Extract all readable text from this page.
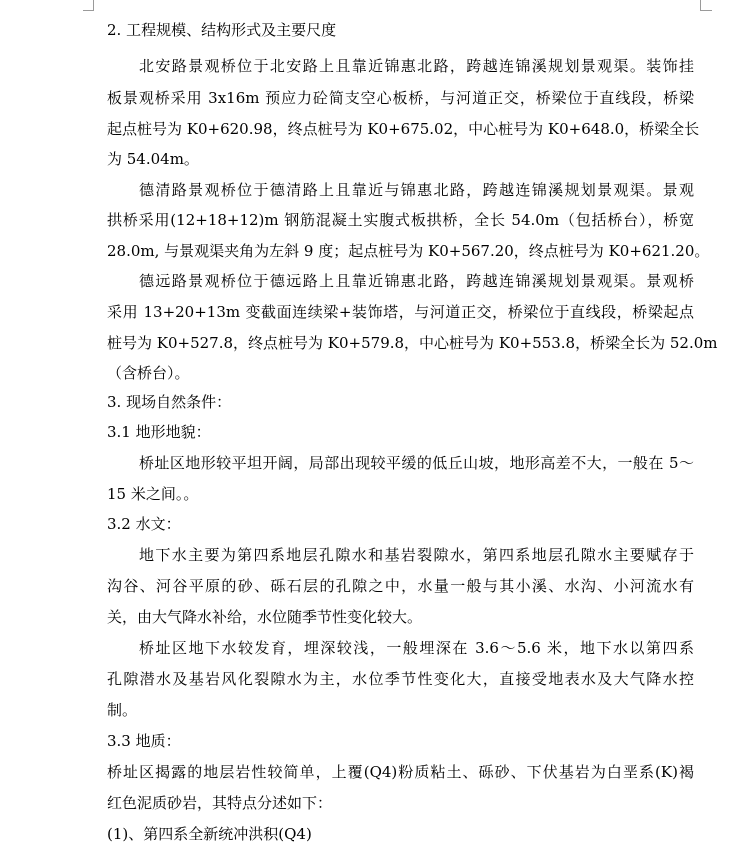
2. 工程规模、结构形式及主要尺度
北安路景观桥位于北安路上且靠近锦惠北路，跨越连锦溪规划景观渠。装饰挂
板景观桥采用 3x16m 预应力砼简支空心板桥，与河道正交，桥梁位于直线段，桥梁
起点桩号为 K0+620.98，终点桩号为 K0+675.02，中心桩号为 K0+648.0，桥梁全长
为 54.04m。
德清路景观桥位于德清路上且靠近与锦惠北路，跨越连锦溪规划景观渠。景观
拱桥采用(12+18+12)m 钢筋混凝土实腹式板拱桥，全长 54.0m（包括桥台），桥宽
28.0m, 与景观渠夹角为左斜 9 度；起点桩号为 K0+567.20，终点桩号为 K0+621.20。
德远路景观桥位于德远路上且靠近锦惠北路，跨越连锦溪规划景观渠。景观桥
采用 13+20+13m 变截面连续梁+装饰塔，与河道正交，桥梁位于直线段，桥梁起点
桩号为 K0+527.8，终点桩号为 K0+579.8，中心桩号为 K0+553.8，桥梁全长为 52.0m
（含桥台）。
3. 现场自然条件：
3.1 地形地貌：
桥址区地形较平坦开阔，局部出现较平缓的低丘山坡，地形高差不大，一般在 5～
15 米之间。。
3.2 水文：
地下水主要为第四系地层孔隙水和基岩裂隙水，第四系地层孔隙水主要赋存于
沟谷、河谷平原的砂、砾石层的孔隙之中，水量一般与其小溪、水沟、小河流水有
关，由大气降水补给，水位随季节性变化较大。
桥址区地下水较发育，埋深较浅，一般埋深在 3.6～5.6 米，地下水以第四系
孔隙潜水及基岩风化裂隙水为主，水位季节性变化大，直接受地表水及大气降水控
制。
3.3 地质：
桥址区揭露的地层岩性较简单，上覆(Q4)粉质粘土、砾砂、下伏基岩为白垩系(K)褐
红色泥质砂岩，其特点分述如下：
(1)、第四系全新统冲洪积(Q4)
